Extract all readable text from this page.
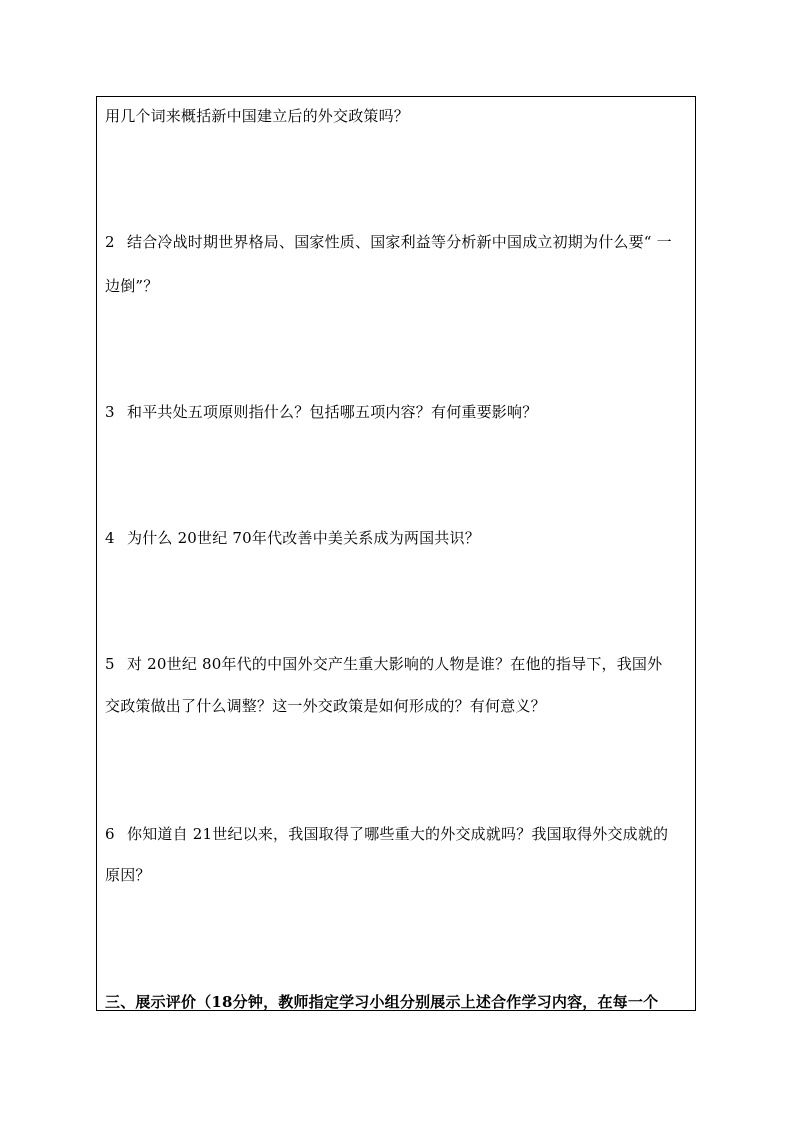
用几个词来概括新中国建立后的外交政策吗？
2 结合冷战时期世界格局、国家性质、国家利益等分析新中国成立初期为什么要“ 一
边倒”？
3 和平共处五项原则指什么？包括哪五项内容？有何重要影响？
4 为什么 20世纪 70年代改善中美关系成为两国共识？
5 对 20世纪 80年代的中国外交产生重大影响的人物是谁？在他的指导下，我国外
交政策做出了什么调整？这一外交政策是如何形成的？有何意义？
6 你知道自 21世纪以来，我国取得了哪些重大的外交成就吗？我国取得外交成就的
原因？
三、展示评价（18分钟，教师指定学习小组分别展示上述合作学习内容，在每一个
